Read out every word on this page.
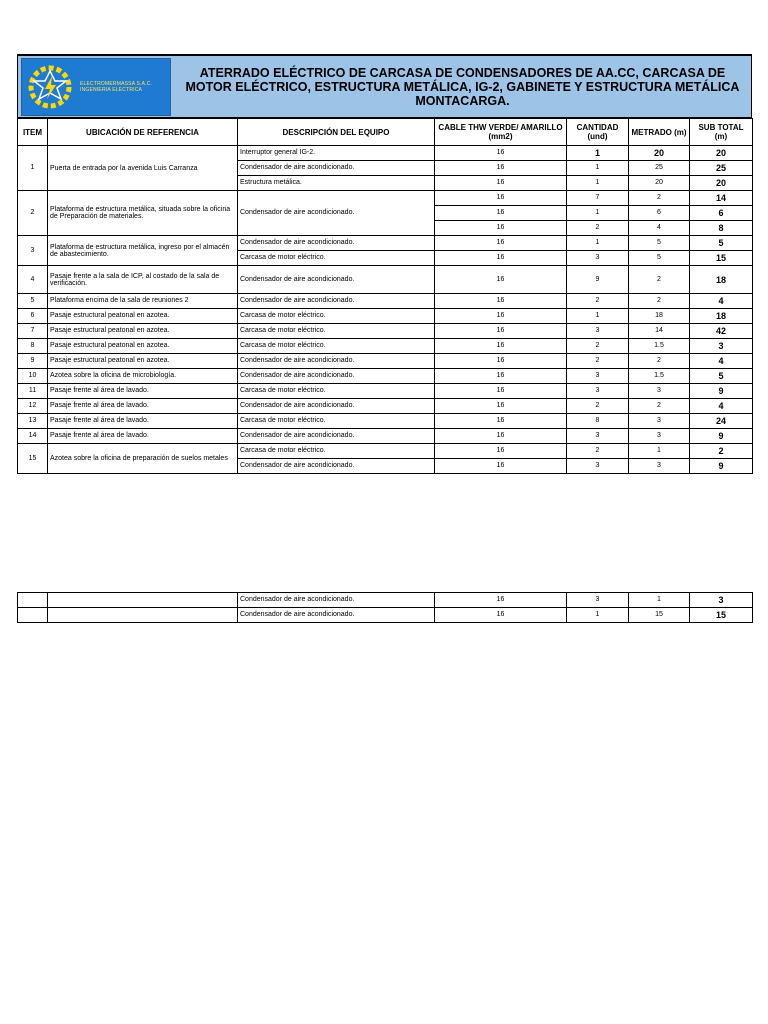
ELECTROMERMASSA S.A.C.
INGENIERIA ELECTRICA
ATERRADO ELÉCTRICO DE CARCASA DE CONDENSADORES DE AA.CC, CARCASA DE MOTOR ELÉCTRICO, ESTRUCTURA METÁLICA, IG-2, GABINETE Y ESTRUCTURA METÁLICA MONTACARGA.
ITEM	UBICACIÓN DE REFERENCIA	DESCRIPCIÓN DEL EQUIPO	CABLE THW VERDE/ AMARILLO (mm2)	CANTIDAD (und)	METRADO (m)	SUB TOTAL (m)
1	Puerta de entrada por la avenida Luis Carranza	Interruptor general IG-2.	16	1	20	20
		Condensador de aire acondicionado.	16	1	25	25
		Estructura metálica.	16	1	20	20
2	Plataforma de estructura metálica, situada sobre la oficina de Preparación de materiales.	Condensador de aire acondicionado.	16	7	2	14
			16	1	6	6
			16	2	4	8
3	Plataforma de estructura metálica, ingreso por el almacén de abastecimiento.	Condensador de aire acondicionado.	16	1	5	5
		Carcasa de motor eléctrico.	16	3	5	15
4	Pasaje frente a la sala de ICP, al costado de la sala de verificación.	Condensador de aire acondicionado.	16	9	2	18
5	Plataforma encima de la sala de reuniones 2	Condensador de aire acondicionado.	16	2	2	4
6	Pasaje estructural peatonal en azotea.	Carcasa de motor eléctrico.	16	1	18	18
7	Pasaje estructural peatonal en azotea.	Carcasa de motor eléctrico.	16	3	14	42
8	Pasaje estructural peatonal en azotea.	Carcasa de motor eléctrico.	16	2	1.5	3
9	Pasaje estructural peatonal en azotea.	Condensador de aire acondicionado.	16	2	2	4
10	Azotea sobre la oficina de microbiología.	Condensador de aire acondicionado.	16	3	1.5	5
11	Pasaje frente al área de lavado.	Carcasa de motor eléctrico.	16	3	3	9
12	Pasaje frente al área de lavado.	Condensador de aire acondicionado.	16	2	2	4
13	Pasaje frente al área de lavado.	Carcasa de motor eléctrico.	16	8	3	24
14	Pasaje frente al área de lavado.	Condensador de aire acondicionado.	16	3	3	9
15	Azotea sobre la oficina de preparación de suelos metales	Carcasa de motor eléctrico.	16	2	1	2
		Condensador de aire acondicionado.	16	3	3	9
		Condensador de aire acondicionado.	16	3	1	3
		Condensador de aire acondicionado.	16	1	15	15
